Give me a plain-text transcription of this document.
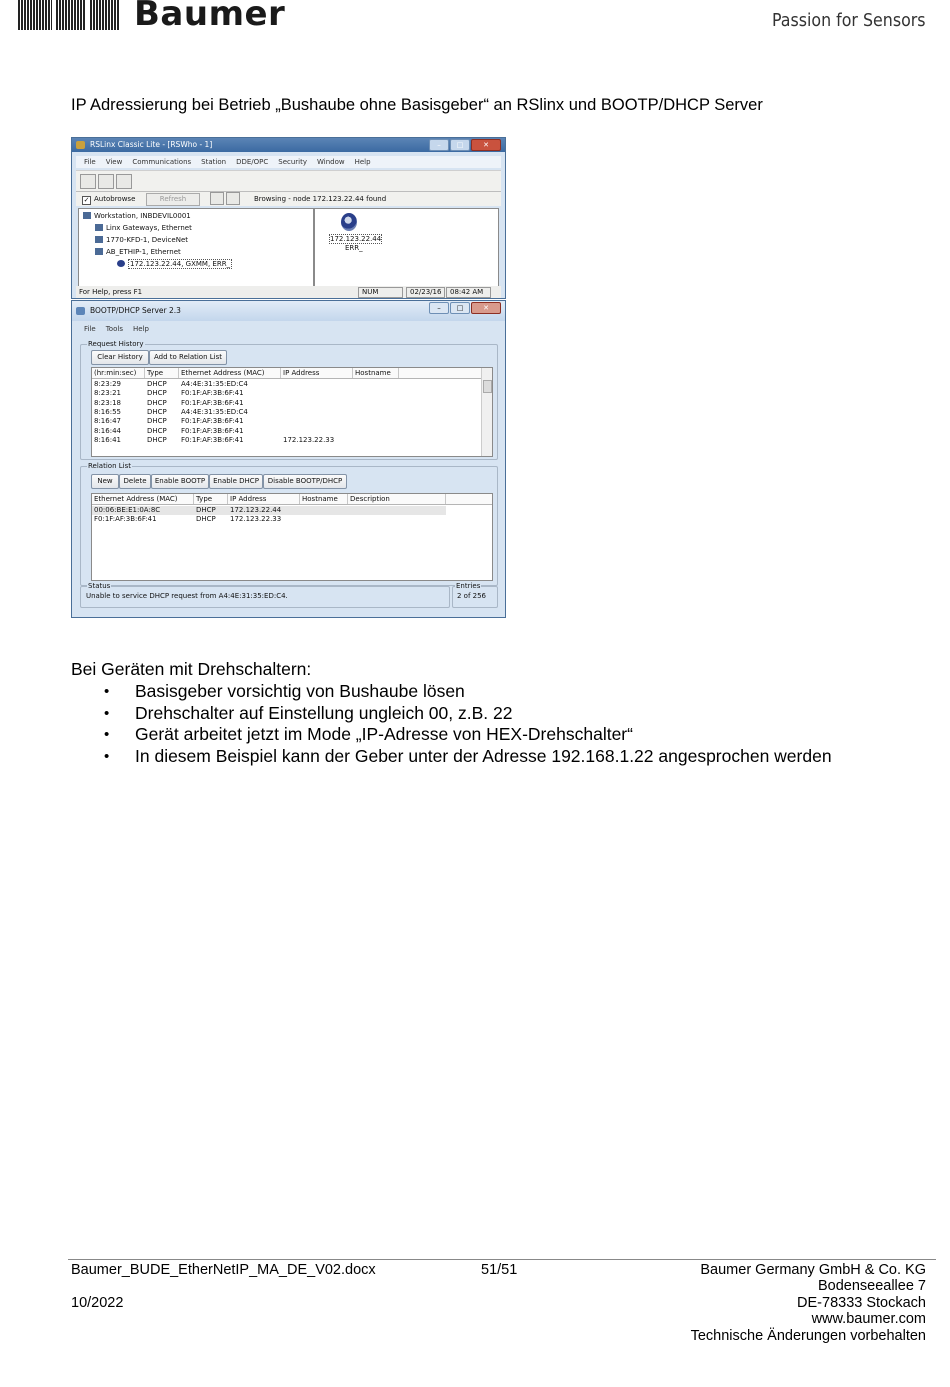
Baumer	Passion for Sensors
IP Adressierung bei Betrieb „Bushaube ohne Basisgeber“ an RSlinx und BOOTP/DHCP Server
RSLinx Classic Lite - [RSWho - 1]	–	□	✕
File View Communications Station DDE/OPC Security Window Help
✓ Autobrowse	Refresh	Browsing - node 172.123.22.44 found
Workstation, INBDEVIL0001
Linx Gateways, Ethernet
1770-KFD-1, DeviceNet
AB_ETHIP-1, Ethernet
172.123.22.44, GXMM, ERR_
172.123.22.44
ERR_
For Help, press F1	NUM	02/23/16	08:42 AM
BOOTP/DHCP Server 2.3	–	□	✕
File Tools Help
Request History
Clear History	Add to Relation List
(hr:min:sec)	Type	Ethernet Address (MAC)	IP Address	Hostname
8:23:29	DHCP A4:4E:31:35:ED:C4
8:23:21	DHCP F0:1F:AF:3B:6F:41
8:23:18	DHCP F0:1F:AF:3B:6F:41
8:16:55	DHCP A4:4E:31:35:ED:C4
8:16:47	DHCP F0:1F:AF:3B:6F:41
8:16:44	DHCP F0:1F:AF:3B:6F:41
8:16:41	DHCP F0:1F:AF:3B:6F:41	172.123.22.33
Relation List
New	Delete	Enable BOOTP	Enable DHCP	Disable BOOTP/DHCP
Ethernet Address (MAC)	Type	IP Address	Hostname	Description
00:06:BE:E1:0A:8C	DHCP 172.123.22.44
F0:1F:AF:3B:6F:41	DHCP 172.123.22.33
Status
Unable to service DHCP request from A4:4E:31:35:ED:C4.
Entries
2 of 256
Bei Geräten mit Drehschaltern:
• Basisgeber vorsichtig von Bushaube lösen
• Drehschalter auf Einstellung ungleich 00, z.B. 22
• Gerät arbeitet jetzt im Mode „IP-Adresse von HEX-Drehschalter“
• In diesem Beispiel kann der Geber unter der Adresse 192.168.1.22 angesprochen werden
Baumer_BUDE_EtherNetIP_MA_DE_V02.docx
10/2022
51/51	Baumer Germany GmbH & Co. KG
Bodenseeallee 7
DE-78333 Stockach
www.baumer.com
Technische Änderungen vorbehalten
